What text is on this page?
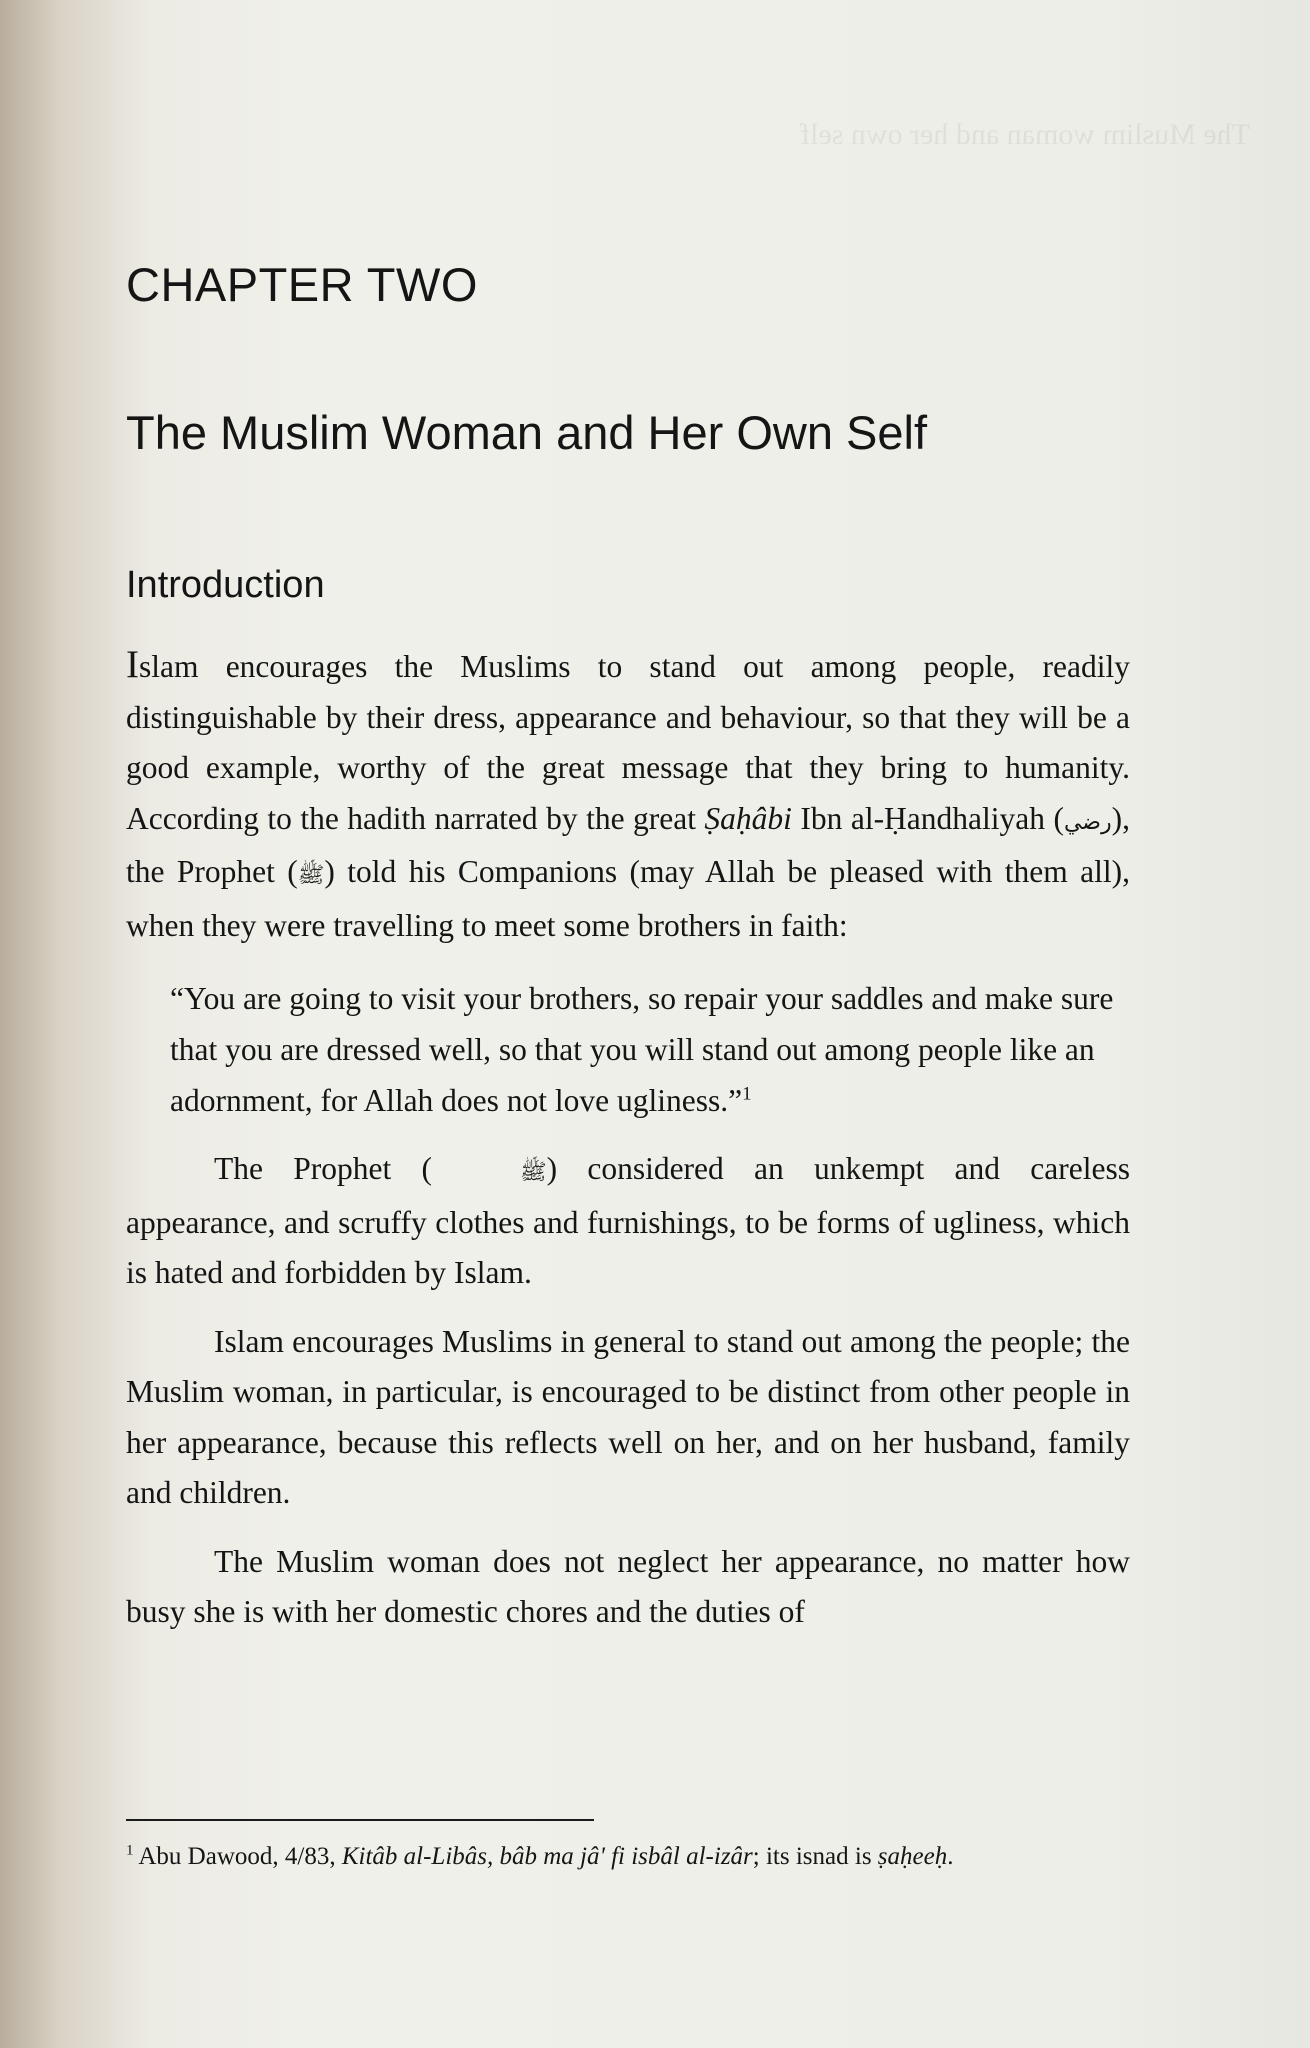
The Muslim woman and her own self

CHAPTER TWO
The Muslim Woman and Her Own Self
Introduction

Islam encourages the Muslims to stand out among people, readily distinguishable by their dress, appearance and behaviour, so that they will be a good example, worthy of the great message that they bring to humanity. According to the hadith narrated by the great Ṣaḥâbi Ibn al-Ḥandhaliyah (رضي), the Prophet (ﷺ) told his Companions (may Allah be pleased with them all), when they were travelling to meet some brothers in faith:

“You are going to visit your brothers, so repair your saddles and make sure that you are dressed well, so that you will stand out among people like an adornment, for Allah does not love ugliness.”$^1$

The Prophet (	ﷺ) considered an unkempt and careless appearance, and scruffy clothes and furnishings, to be forms of ugliness, which is hated and forbidden by Islam.

Islam encourages Muslims in general to stand out among the people; the Muslim woman, in particular, is encouraged to be distinct from other people in her appearance, because this reflects well on her, and on her husband, family and children.

The Muslim woman does not neglect her appearance, no matter how busy she is with her domestic chores and the duties of

$^1$ Abu Dawood, 4/83, Kitâb al-Libâs, bâb ma jâ' fi isbâl al-izâr; its isnad is ṣaḥeeḥ.
